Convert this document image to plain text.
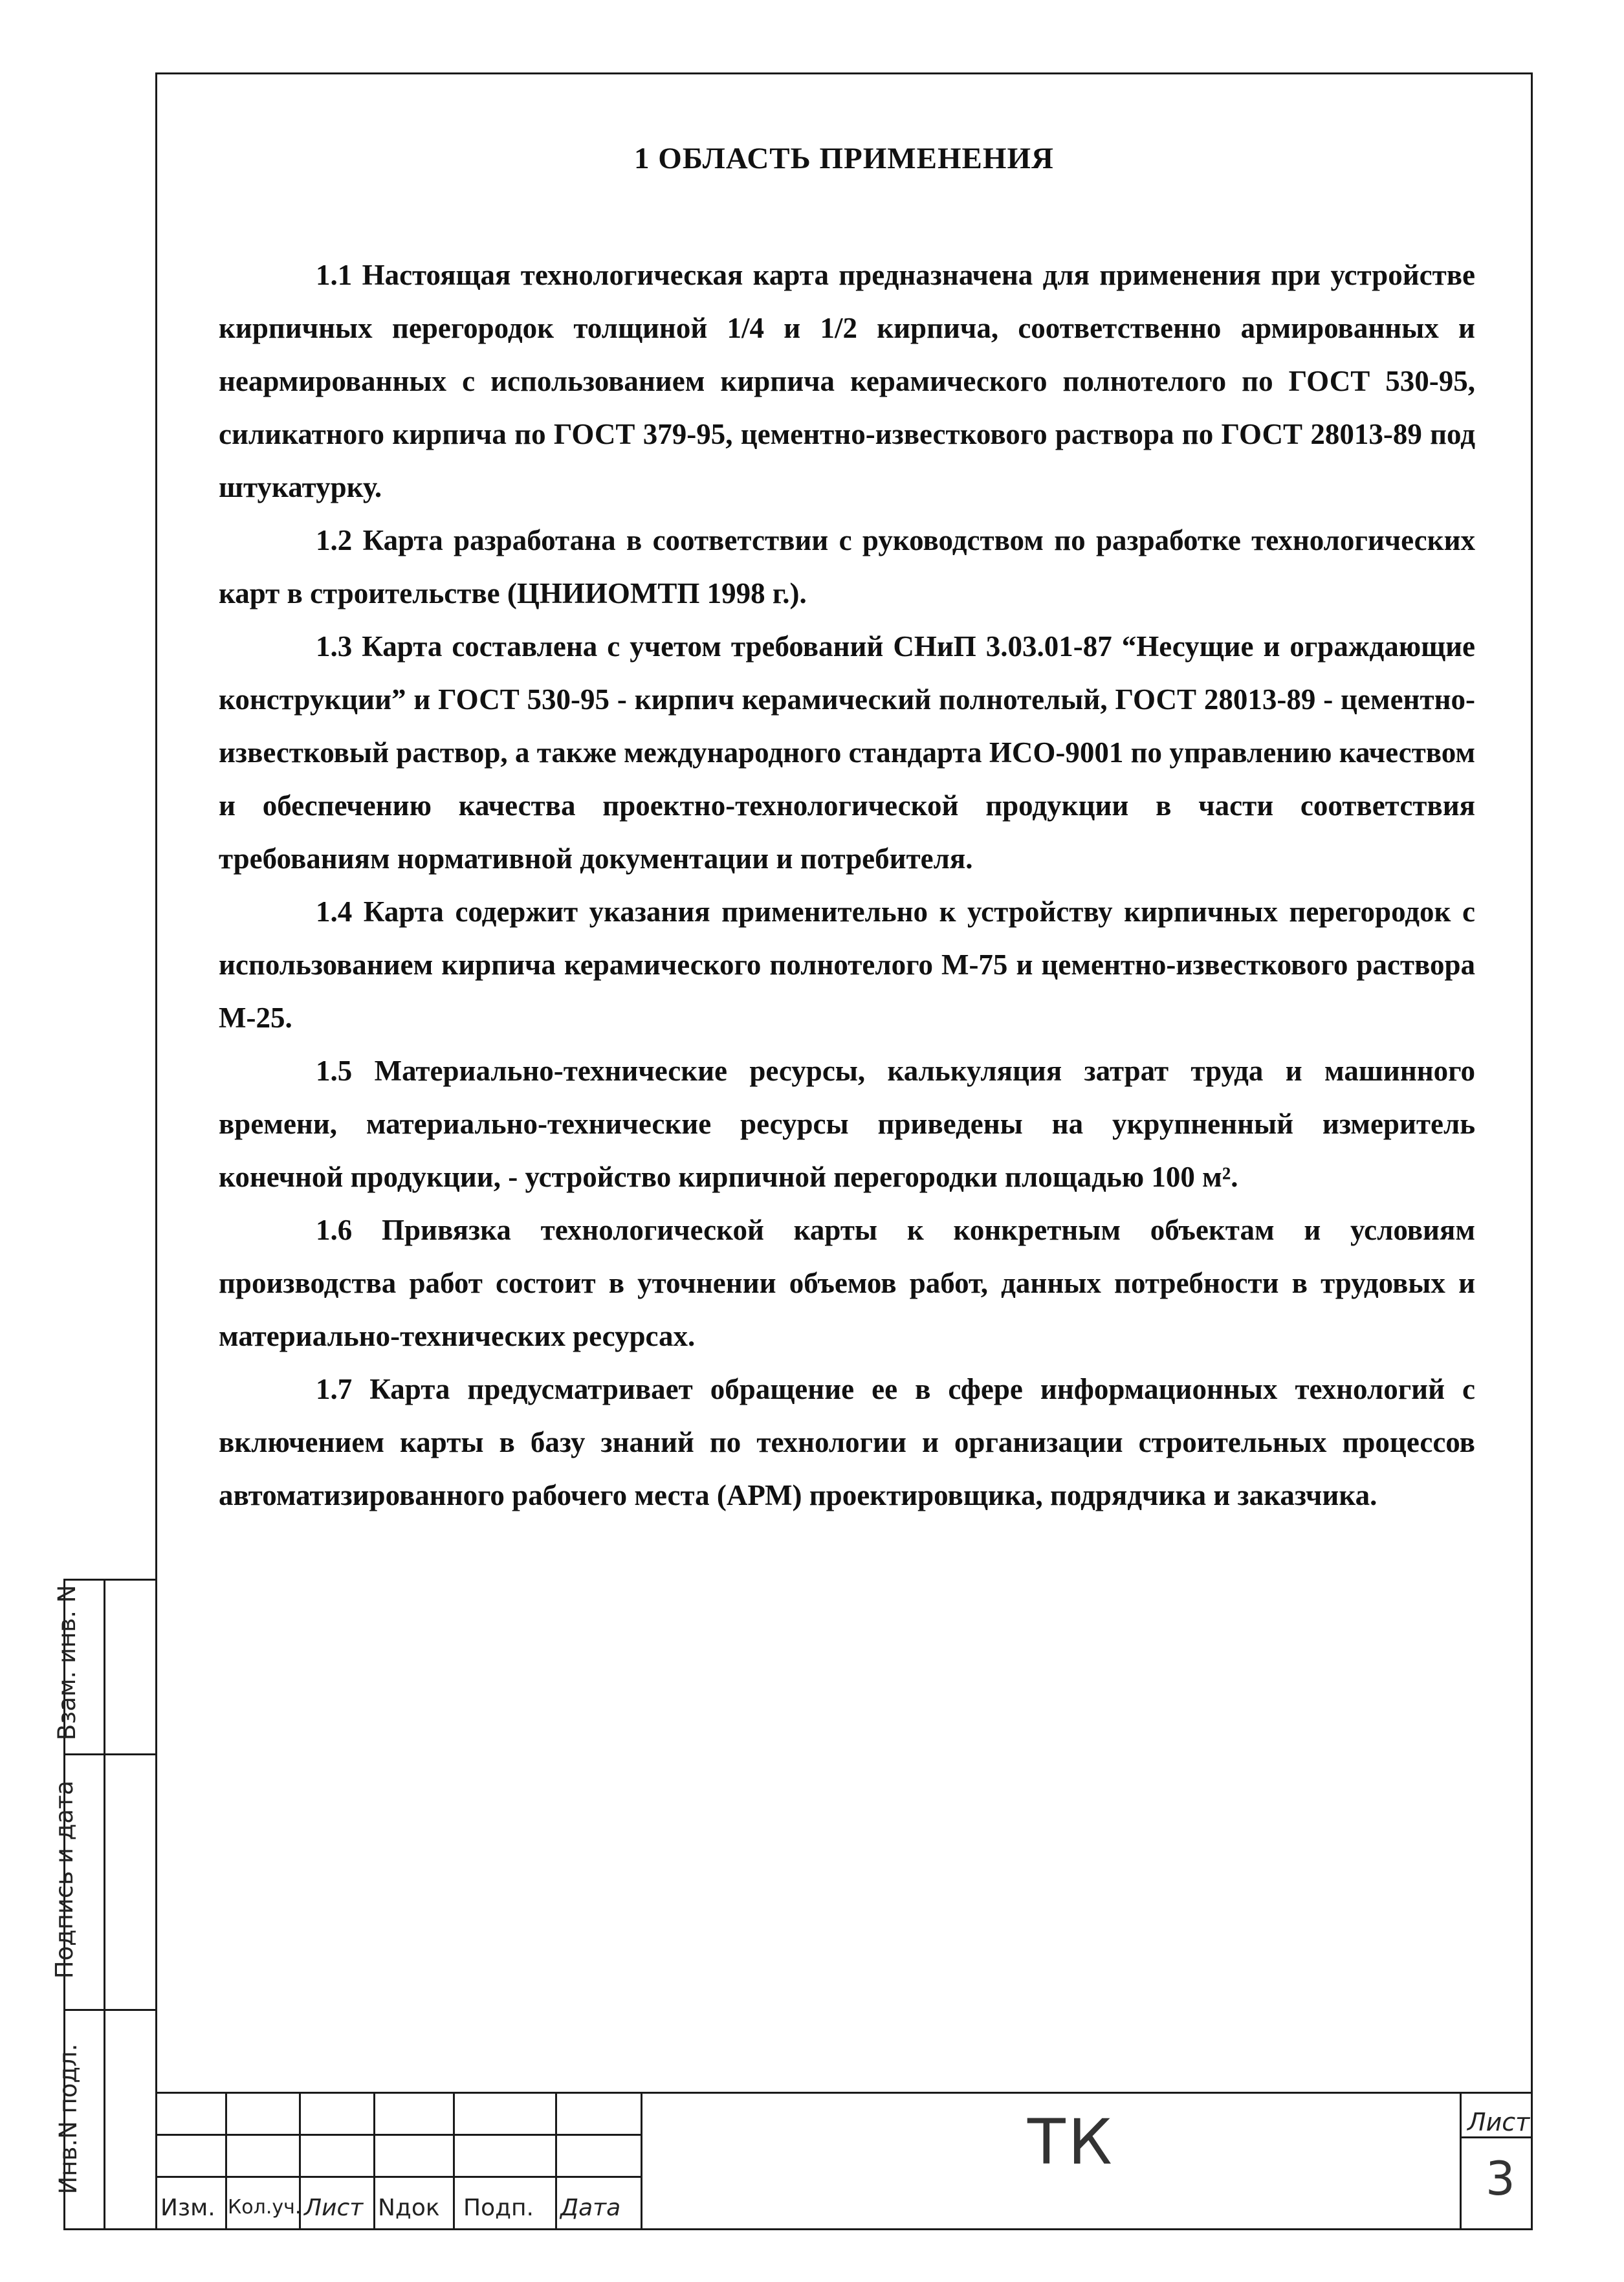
1 ОБЛАСТЬ ПРИМЕНЕНИЯ

1.1 Настоящая технологическая карта предназначена для применения при устройстве кирпичных перегородок толщиной 1/4 и 1/2 кирпича, соответственно армированных и неармированных с использованием кирпича керамического полнотелого по ГОСТ 530-95, силикатного кирпича по ГОСТ 379-95, цементно-известкового раствора по ГОСТ 28013-89 под штукатурку.

1.2 Карта разработана в соответствии с руководством по разработке технологических карт в строительстве (ЦНИИОМТП 1998 г.).

1.3 Карта составлена с учетом требований СНиП 3.03.01-87 “Несущие и ограждающие конструкции” и ГОСТ 530-95 - кирпич керамический полнотелый, ГОСТ 28013-89 - цементно-известковый раствор, а также международного стандарта ИСО-9001 по управлению качеством и обеспечению качества проектно-технологической продукции в части соответствия требованиям нормативной документации и потребителя.

1.4 Карта содержит указания применительно к устройству кирпичных перегородок с использованием кирпича керамического полнотелого М-75 и цементно-известкового раствора М-25.

1.5 Материально-технические ресурсы, калькуляция затрат труда и машинного времени, материально-технические ресурсы приведены на укрупненный измеритель конечной продукции, - устройство кирпичной перегородки площадью 100 м².

1.6 Привязка технологической карты к конкретным объектам и условиям производства работ состоит в уточнении объемов работ, данных потребности в трудовых и материально-технических ресурсах.

1.7 Карта предусматривает обращение ее в сфере информационных технологий с включением карты в базу знаний по технологии и организации строительных процессов автоматизированного рабочего места (АРМ) проектировщика, подрядчика и заказчика.

Взам. инв. N
Подпись и дата
Инв.N подл.
Изм. Кол.уч. Лист Nдок Подп. Дата
ТК	Лист
3
